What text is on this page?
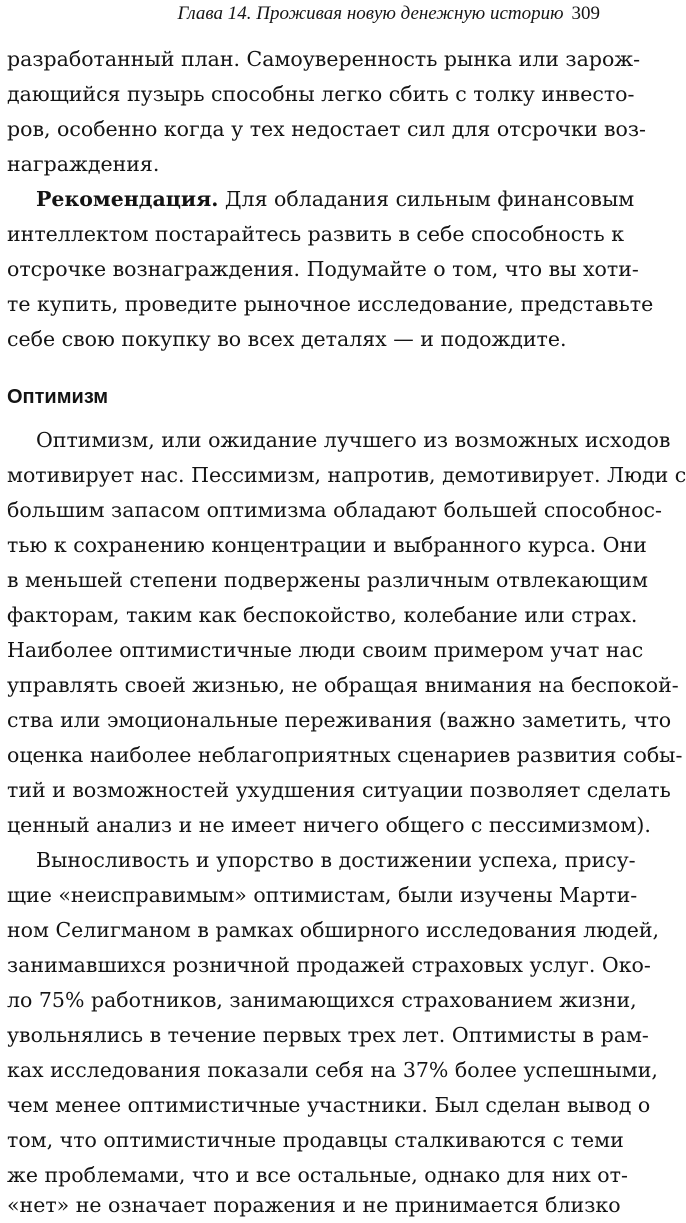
Глава 14. Проживая новую денежную историю 309
разработанный план. Самоуверенность рынка или зарож-
дающийся пузырь способны легко сбить с толку инвесто-
ров, особенно когда у тех недостает сил для отсрочки воз-
награждения.
Рекомендация. Для обладания сильным финансовым
интеллектом постарайтесь развить в себе способность к
отсрочке вознаграждения. Подумайте о том, что вы хоти-
те купить, проведите рыночное исследование, представьте
себе свою покупку во всех деталях — и подождите.
Оптимизм
Оптимизм, или ожидание лучшего из возможных исходов
мотивирует нас. Пессимизм, напротив, демотивирует. Люди с
большим запасом оптимизма обладают большей способнос-
тью к сохранению концентрации и выбранного курса. Они
в меньшей степени подвержены различным отвлекающим
факторам, таким как беспокойство, колебание или страх.
Наиболее оптимистичные люди своим примером учат нас
управлять своей жизнью, не обращая внимания на беспокой-
ства или эмоциональные переживания (важно заметить, что
оценка наиболее неблагоприятных сценариев развития собы-
тий и возможностей ухудшения ситуации позволяет сделать
ценный анализ и не имеет ничего общего с пессимизмом).
Выносливость и упорство в достижении успеха, прису-
щие «неисправимым» оптимистам, были изучены Марти-
ном Селигманом в рамках обширного исследования людей,
занимавшихся розничной продажей страховых услуг. Око-
ло 75% работников, занимающихся страхованием жизни,
увольнялись в течение первых трех лет. Оптимисты в рам-
ках исследования показали себя на 37% более успешными,
чем менее оптимистичные участники. Был сделан вывод о
том, что оптимистичные продавцы сталкиваются с теми
же проблемами, что и все остальные, однако для них от-
«нет» не означает поражения и не принимается близко
